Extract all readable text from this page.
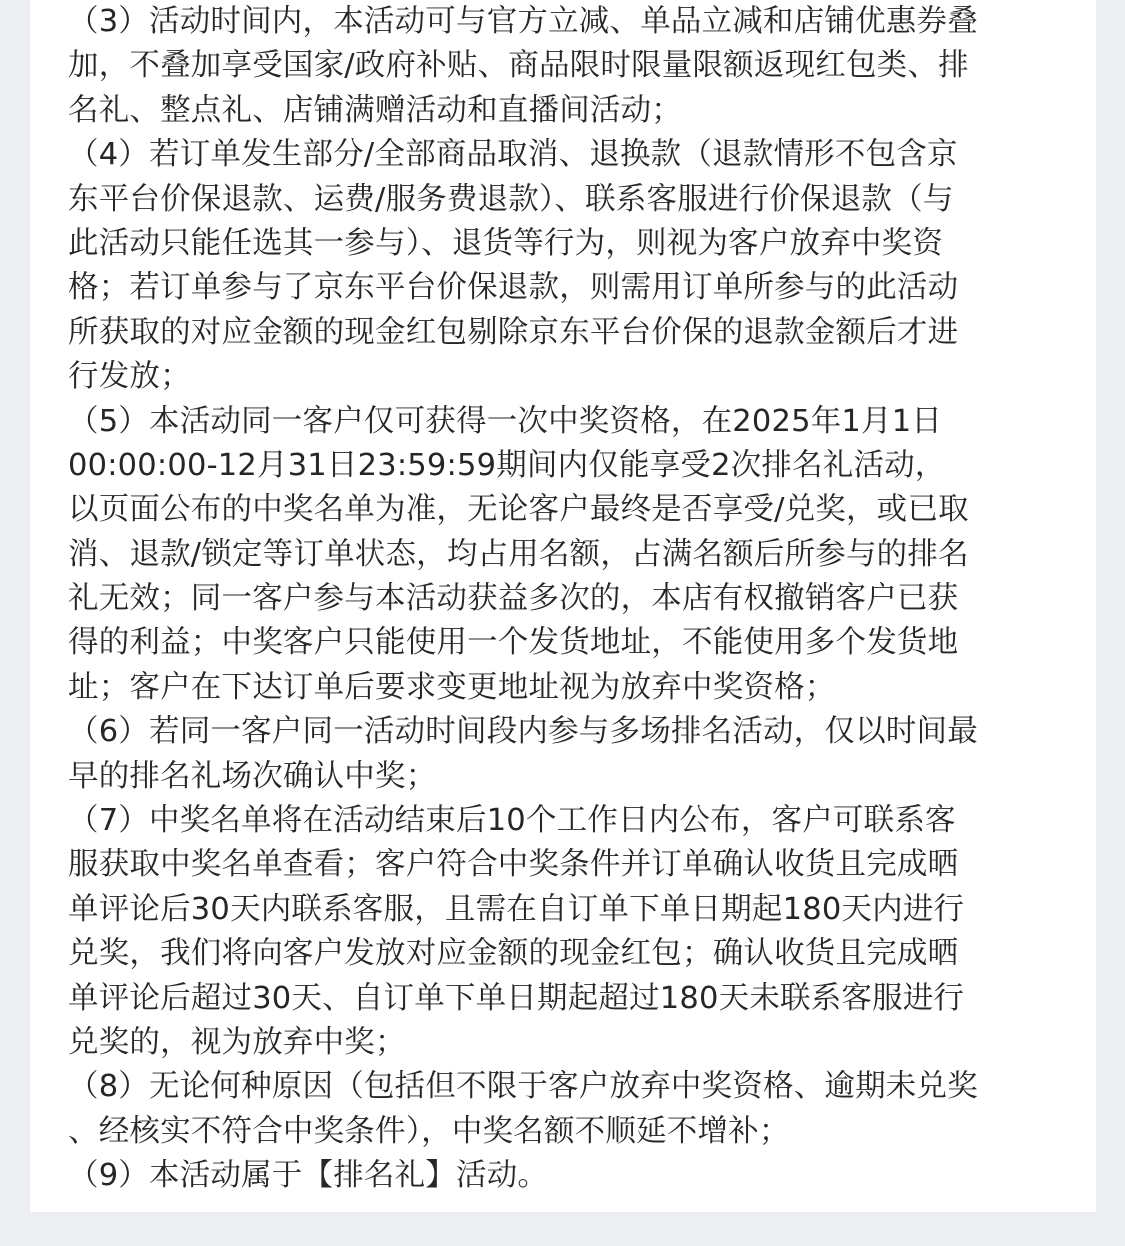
（3）活动时间内，本活动可与官方立减、单品立减和店铺优惠券叠
加，不叠加享受国家/政府补贴、商品限时限量限额返现红包类、排
名礼、整点礼、店铺满赠活动和直播间活动；
（4）若订单发生部分/全部商品取消、退换款（退款情形不包含京
东平台价保退款、运费/服务费退款）、联系客服进行价保退款（与
此活动只能任选其一参与）、退货等行为，则视为客户放弃中奖资
格；若订单参与了京东平台价保退款，则需用订单所参与的此活动
所获取的对应金额的现金红包剔除京东平台价保的退款金额后才进
行发放；
（5）本活动同一客户仅可获得一次中奖资格，在2025年1月1日
00:00:00-12月31日23:59:59期间内仅能享受2次排名礼活动，
以页面公布的中奖名单为准，无论客户最终是否享受/兑奖，或已取
消、退款/锁定等订单状态，均占用名额，占满名额后所参与的排名
礼无效；同一客户参与本活动获益多次的，本店有权撤销客户已获
得的利益；中奖客户只能使用一个发货地址，不能使用多个发货地
址；客户在下达订单后要求变更地址视为放弃中奖资格；
（6）若同一客户同一活动时间段内参与多场排名活动，仅以时间最
早的排名礼场次确认中奖；
（7）中奖名单将在活动结束后10个工作日内公布，客户可联系客
服获取中奖名单查看；客户符合中奖条件并订单确认收货且完成晒
单评论后30天内联系客服，且需在自订单下单日期起180天内进行
兑奖，我们将向客户发放对应金额的现金红包；确认收货且完成晒
单评论后超过30天、自订单下单日期起超过180天未联系客服进行
兑奖的，视为放弃中奖；
（8）无论何种原因（包括但不限于客户放弃中奖资格、逾期未兑奖
、经核实不符合中奖条件），中奖名额不顺延不增补；
（9）本活动属于【排名礼】活动。
